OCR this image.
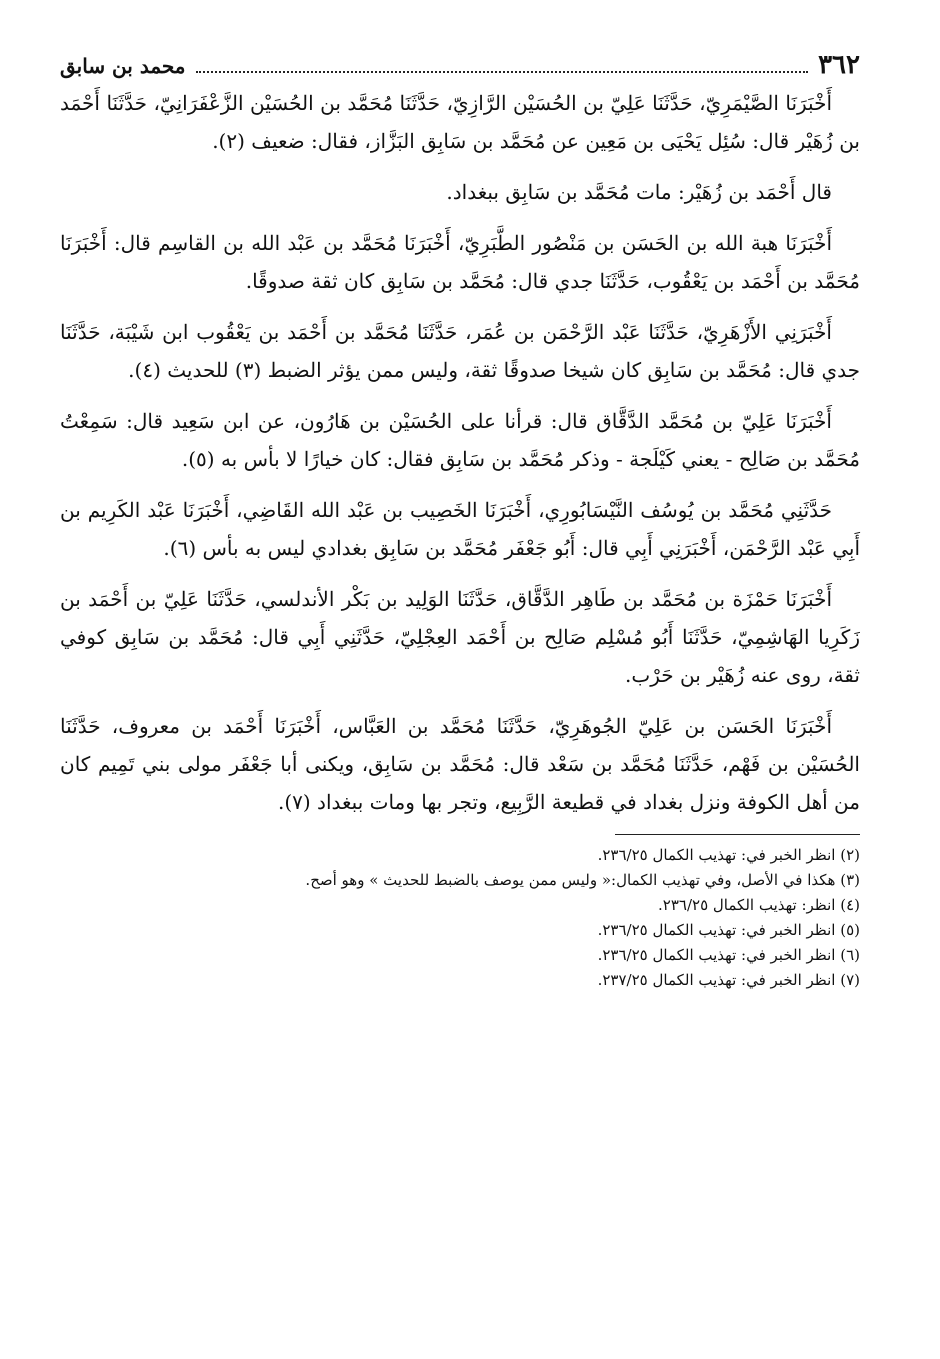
٣٦٢
محمد بن سابق

أَخْبَرَنَا الصَّيْمَرِيّ، حَدَّثَنَا عَلِيّ بن الحُسَيْن الرَّازِيّ، حَدَّثَنَا مُحَمَّد بن الحُسَيْن الزَّعْفَرَانِيّ، حَدَّثَنَا أَحْمَد بن زُهَيْر قال: سُئِل يَحْيَى بن مَعِين عن مُحَمَّد بن سَابِق البَزَّاز، فقال: ضعيف (٢).

قال أَحْمَد بن زُهَيْر: مات مُحَمَّد بن سَابِق ببغداد.

أَخْبَرَنَا هبة الله بن الحَسَن بن مَنْصُور الطَّبَرِيّ، أَخْبَرَنَا مُحَمَّد بن عَبْد الله بن القاسِم قال: أَخْبَرَنَا مُحَمَّد بن أَحْمَد بن يَعْقُوب، حَدَّثَنَا جدي قال: مُحَمَّد بن سَابِق كان ثقة صدوقًا.

أَخْبَرَنِي الأَزْهَرِيّ، حَدَّثَنَا عَبْد الرَّحْمَن بن عُمَر، حَدَّثَنَا مُحَمَّد بن أَحْمَد بن يَعْقُوب ابن شَيْبَة، حَدَّثَنَا جدي قال: مُحَمَّد بن سَابِق كان شيخا صدوقًا ثقة، وليس ممن يؤثر الضبط (٣) للحديث (٤).

أَخْبَرَنَا عَلِيّ بن مُحَمَّد الدَّقَّاق قال: قرأنا على الحُسَيْن بن هَارُون، عن ابن سَعِيد قال: سَمِعْتُ مُحَمَّد بن صَالِح - يعني كَيْلَجة - وذكر مُحَمَّد بن سَابِق فقال: كان خيارًا لا بأس به (٥).

حَدَّثَنِي مُحَمَّد بن يُوسُف النَّيْسَابُورِي، أَخْبَرَنَا الخَصِيب بن عَبْد الله القَاضِي، أَخْبَرَنَا عَبْد الكَرِيم بن أَبِي عَبْد الرَّحْمَن، أَخْبَرَنِي أَبِي قال: أَبُو جَعْفَر مُحَمَّد بن سَابِق بغدادي ليس به بأس (٦).

أَخْبَرَنَا حَمْزَة بن مُحَمَّد بن طَاهِر الدَّقَّاق، حَدَّثَنَا الوَلِيد بن بَكْر الأندلسي، حَدَّثَنَا عَلِيّ بن أَحْمَد بن زَكَرِيا الهَاشِمِيّ، حَدَّثَنَا أَبُو مُسْلِم صَالِح بن أَحْمَد العِجْلِيّ، حَدَّثَنِي أَبِي قال: مُحَمَّد بن سَابِق كوفي ثقة، روى عنه زُهَيْر بن حَرْب.

أَخْبَرَنَا الحَسَن بن عَلِيّ الجُوهَرِيّ، حَدَّثَنَا مُحَمَّد بن العَبَّاس، أَخْبَرَنَا أَحْمَد بن معروف، حَدَّثَنَا الحُسَيْن بن فَهْم، حَدَّثَنَا مُحَمَّد بن سَعْد قال: مُحَمَّد بن سَابِق، ويكنى أبا جَعْفَر مولى بني تَمِيم كان من أهل الكوفة ونزل بغداد في قطيعة الرَّبِيع، وتجر بها ومات ببغداد (٧).

(٢) انظر الخبر في: تهذيب الكمال ٢٣٦/٢٥.
(٣) هكذا في الأصل، وفي تهذيب الكمال:« وليس ممن يوصف بالضبط للحديث » وهو أصح.
(٤) انظر: تهذيب الكمال ٢٣٦/٢٥.
(٥) انظر الخبر في: تهذيب الكمال ٢٣٦/٢٥.
(٦) انظر الخبر في: تهذيب الكمال ٢٣٦/٢٥.
(٧) انظر الخبر في: تهذيب الكمال ٢٣٧/٢٥.
